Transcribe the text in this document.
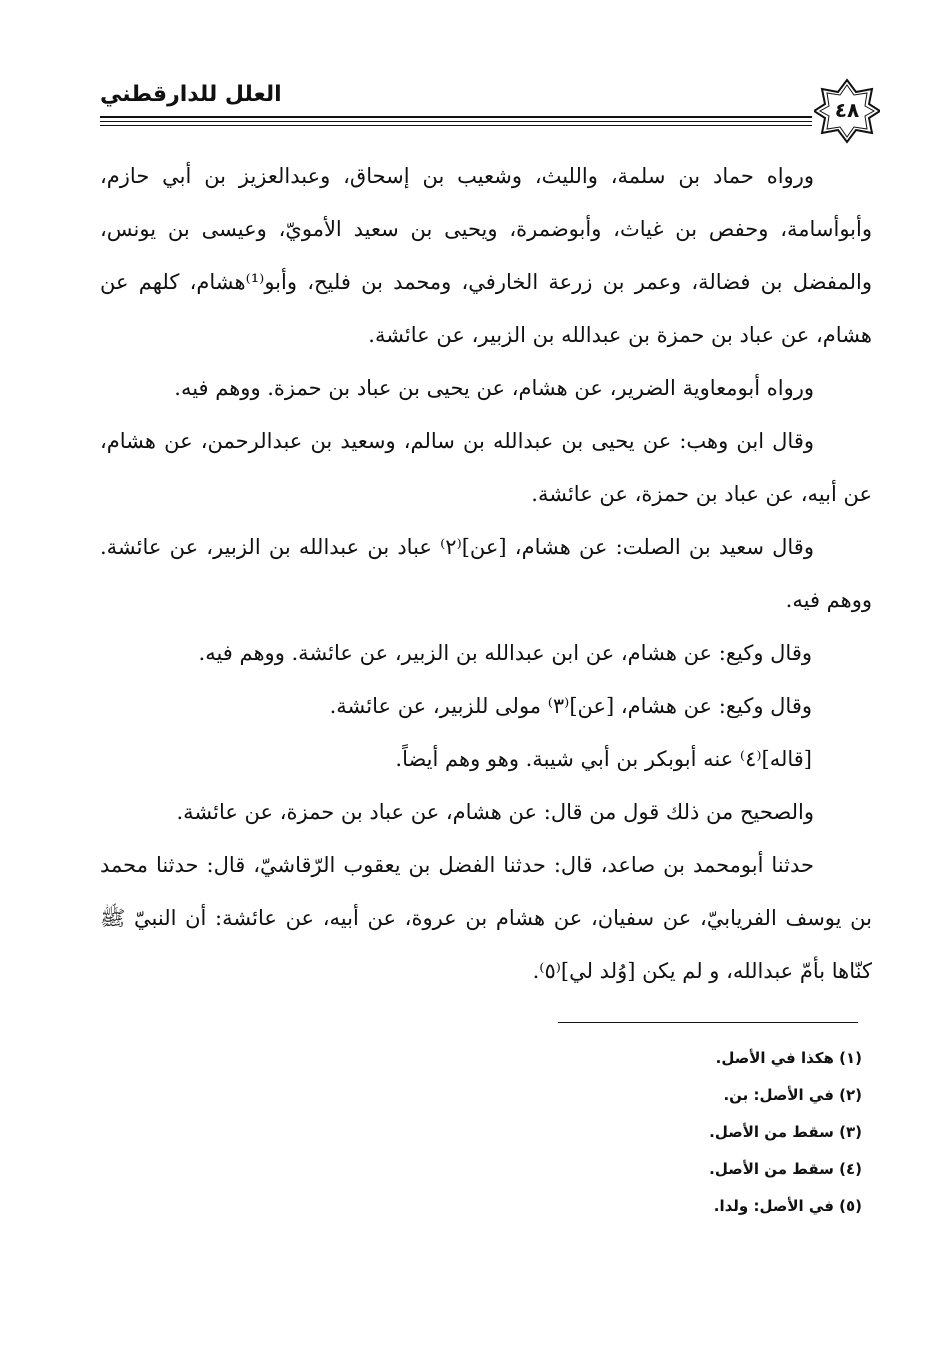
العلل للدارقطني
٤٨

ورواه حماد بن سلمة، والليث، وشعيب بن إسحاق، وعبدالعزيز بن أبي حازم، وأبوأسامة، وحفص بن غياث، وأبوضمرة، ويحيى بن سعيد الأمويّ، وعيسى بن يونس، والمفضل بن فضالة، وعمر بن زرعة الخارفي، ومحمد بن فليح، وأبو⁽¹⁾هشام، كلهم عن هشام، عن عباد بن حمزة بن عبدالله بن الزبير، عن عائشة.

ورواه أبومعاوية الضرير، عن هشام، عن يحيى بن عباد بن حمزة. ووهم فيه.

وقال ابن وهب: عن يحيى بن عبدالله بن سالم، وسعيد بن عبدالرحمن، عن هشام، عن أبيه، عن عباد بن حمزة، عن عائشة.

وقال سعيد بن الصلت: عن هشام، [عن]⁽٢⁾ عباد بن عبدالله بن الزبير، عن عائشة. ووهم فيه.

وقال وكيع: عن هشام، عن ابن عبدالله بن الزبير، عن عائشة. ووهم فيه.

وقال وكيع: عن هشام، [عن]⁽٣⁾ مولى للزبير، عن عائشة.

[قاله]⁽٤⁾ عنه أبوبكر بن أبي شيبة. وهو وهم أيضاً.

والصحيح من ذلك قول من قال: عن هشام، عن عباد بن حمزة، عن عائشة.

حدثنا أبومحمد بن صاعد، قال: حدثنا الفضل بن يعقوب الرّقاشيّ، قال: حدثنا محمد بن يوسف الفريابيّ، عن سفيان، عن هشام بن عروة، عن أبيه، عن عائشة: أن النبيّ ﷺ كنّاها بأمّ عبدالله، و لم يكن [وُلد لي]⁽٥⁾.

(١) هكذا في الأصل.

(٢) في الأصل: بن.

(٣) سقط من الأصل.

(٤) سقط من الأصل.

(٥) في الأصل: ولدا.
